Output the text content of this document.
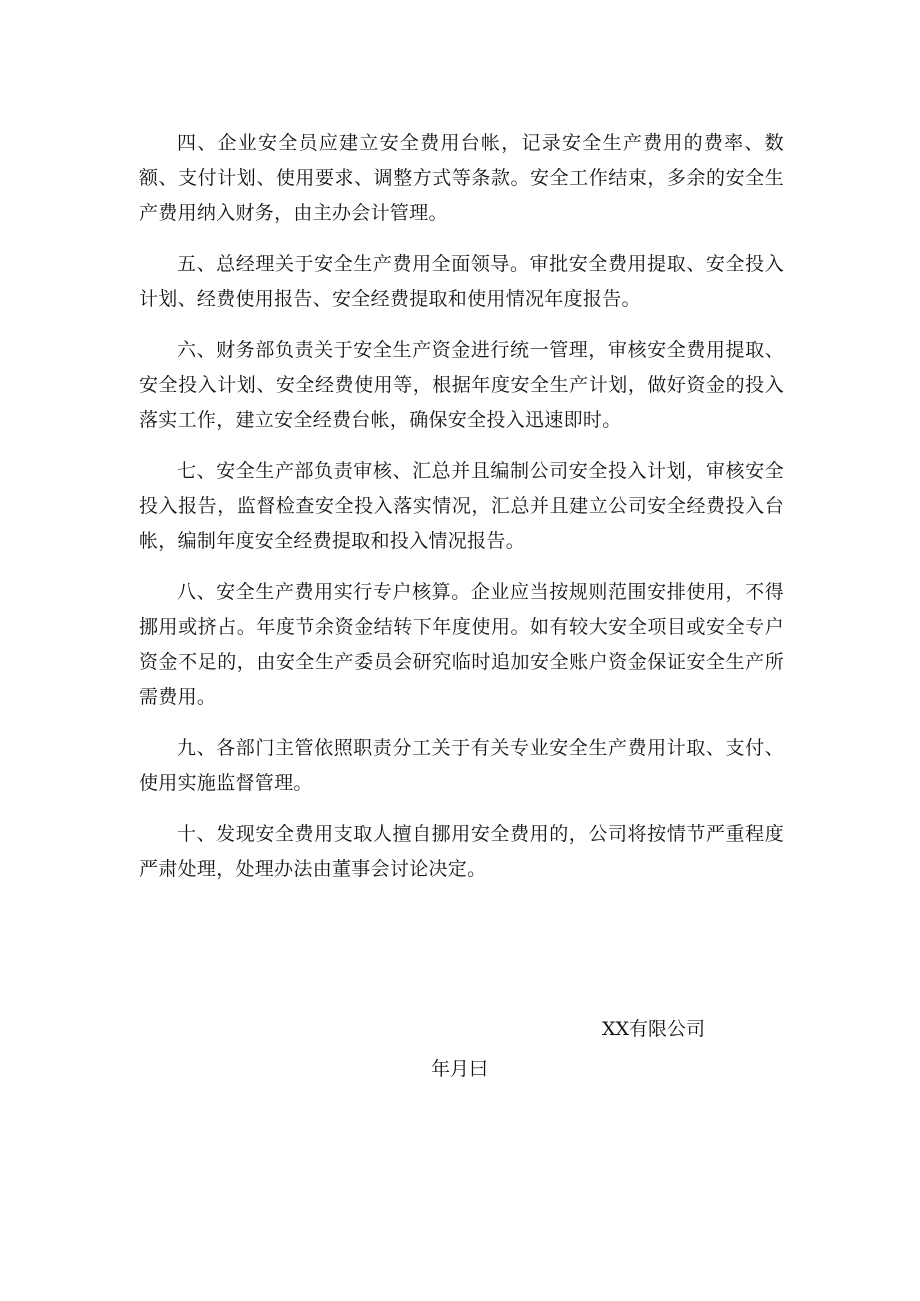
四、企业安全员应建立安全费用台帐，记录安全生产费用的费率、数额、支付计划、使用要求、调整方式等条款。安全工作结束，多余的安全生产费用纳入财务，由主办会计管理。

五、总经理关于安全生产费用全面领导。审批安全费用提取、安全投入计划、经费使用报告、安全经费提取和使用情况年度报告。

六、财务部负责关于安全生产资金进行统一管理，审核安全费用提取、安全投入计划、安全经费使用等，根据年度安全生产计划，做好资金的投入落实工作，建立安全经费台帐，确保安全投入迅速即时。

七、安全生产部负责审核、汇总并且编制公司安全投入计划，审核安全投入报告，监督检查安全投入落实情况，汇总并且建立公司安全经费投入台帐，编制年度安全经费提取和投入情况报告。

八、安全生产费用实行专户核算。企业应当按规则范围安排使用，不得挪用或挤占。年度节余资金结转下年度使用。如有较大安全项目或安全专户资金不足的，由安全生产委员会研究临时追加安全账户资金保证安全生产所需费用。

九、各部门主管依照职责分工关于有关专业安全生产费用计取、支付、使用实施监督管理。

十、发现安全费用支取人擅自挪用安全费用的，公司将按情节严重程度严肃处理，处理办法由董事会讨论决定。

XX有限公司
年月曰
